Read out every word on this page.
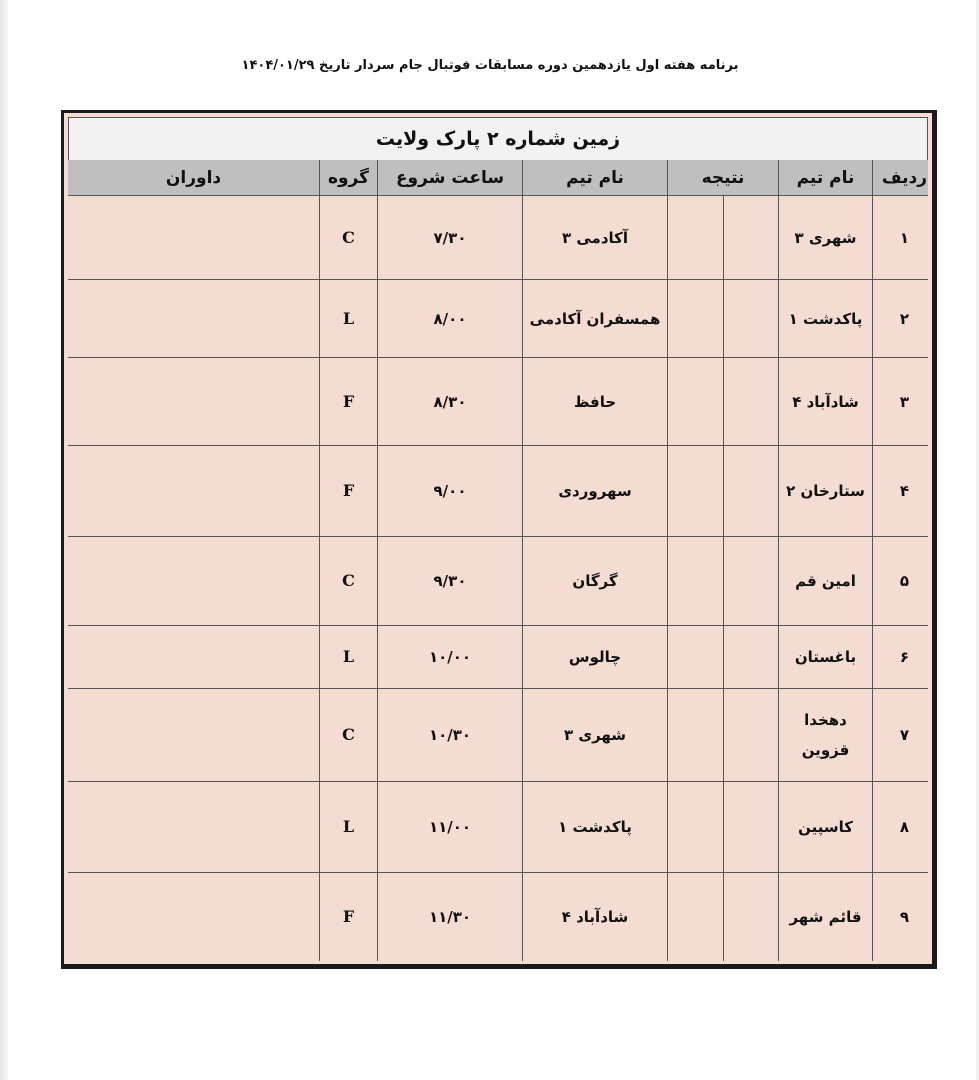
برنامه هفته اول یازدهمین دوره مسابقات فوتبال جام سردار تاریخ ۱۴۰۴/۰۱/۲۹
زمین شماره ۲ پارک ولایت
ردیف
نام تیم
نتیجه
نام تیم
ساعت شروع
گروه
داوران
۱
شهری ۳
آکادمی ۳
۷/۳۰
C
۲
پاکدشت ۱
همسفران آکادمی
۸/۰۰
L
۳
شادآباد ۴
حافظ
۸/۳۰
F
۴
ستارخان ۲
سهروردی
۹/۰۰
F
۵
امین قم
گرگان
۹/۳۰
C
۶
باغستان
چالوس
۱۰/۰۰
L
۷
دهخدا قزوین
شهری ۳
۱۰/۳۰
C
۸
کاسپین
پاکدشت ۱
۱۱/۰۰
L
۹
قائم شهر
شادآباد ۴
۱۱/۳۰
F
